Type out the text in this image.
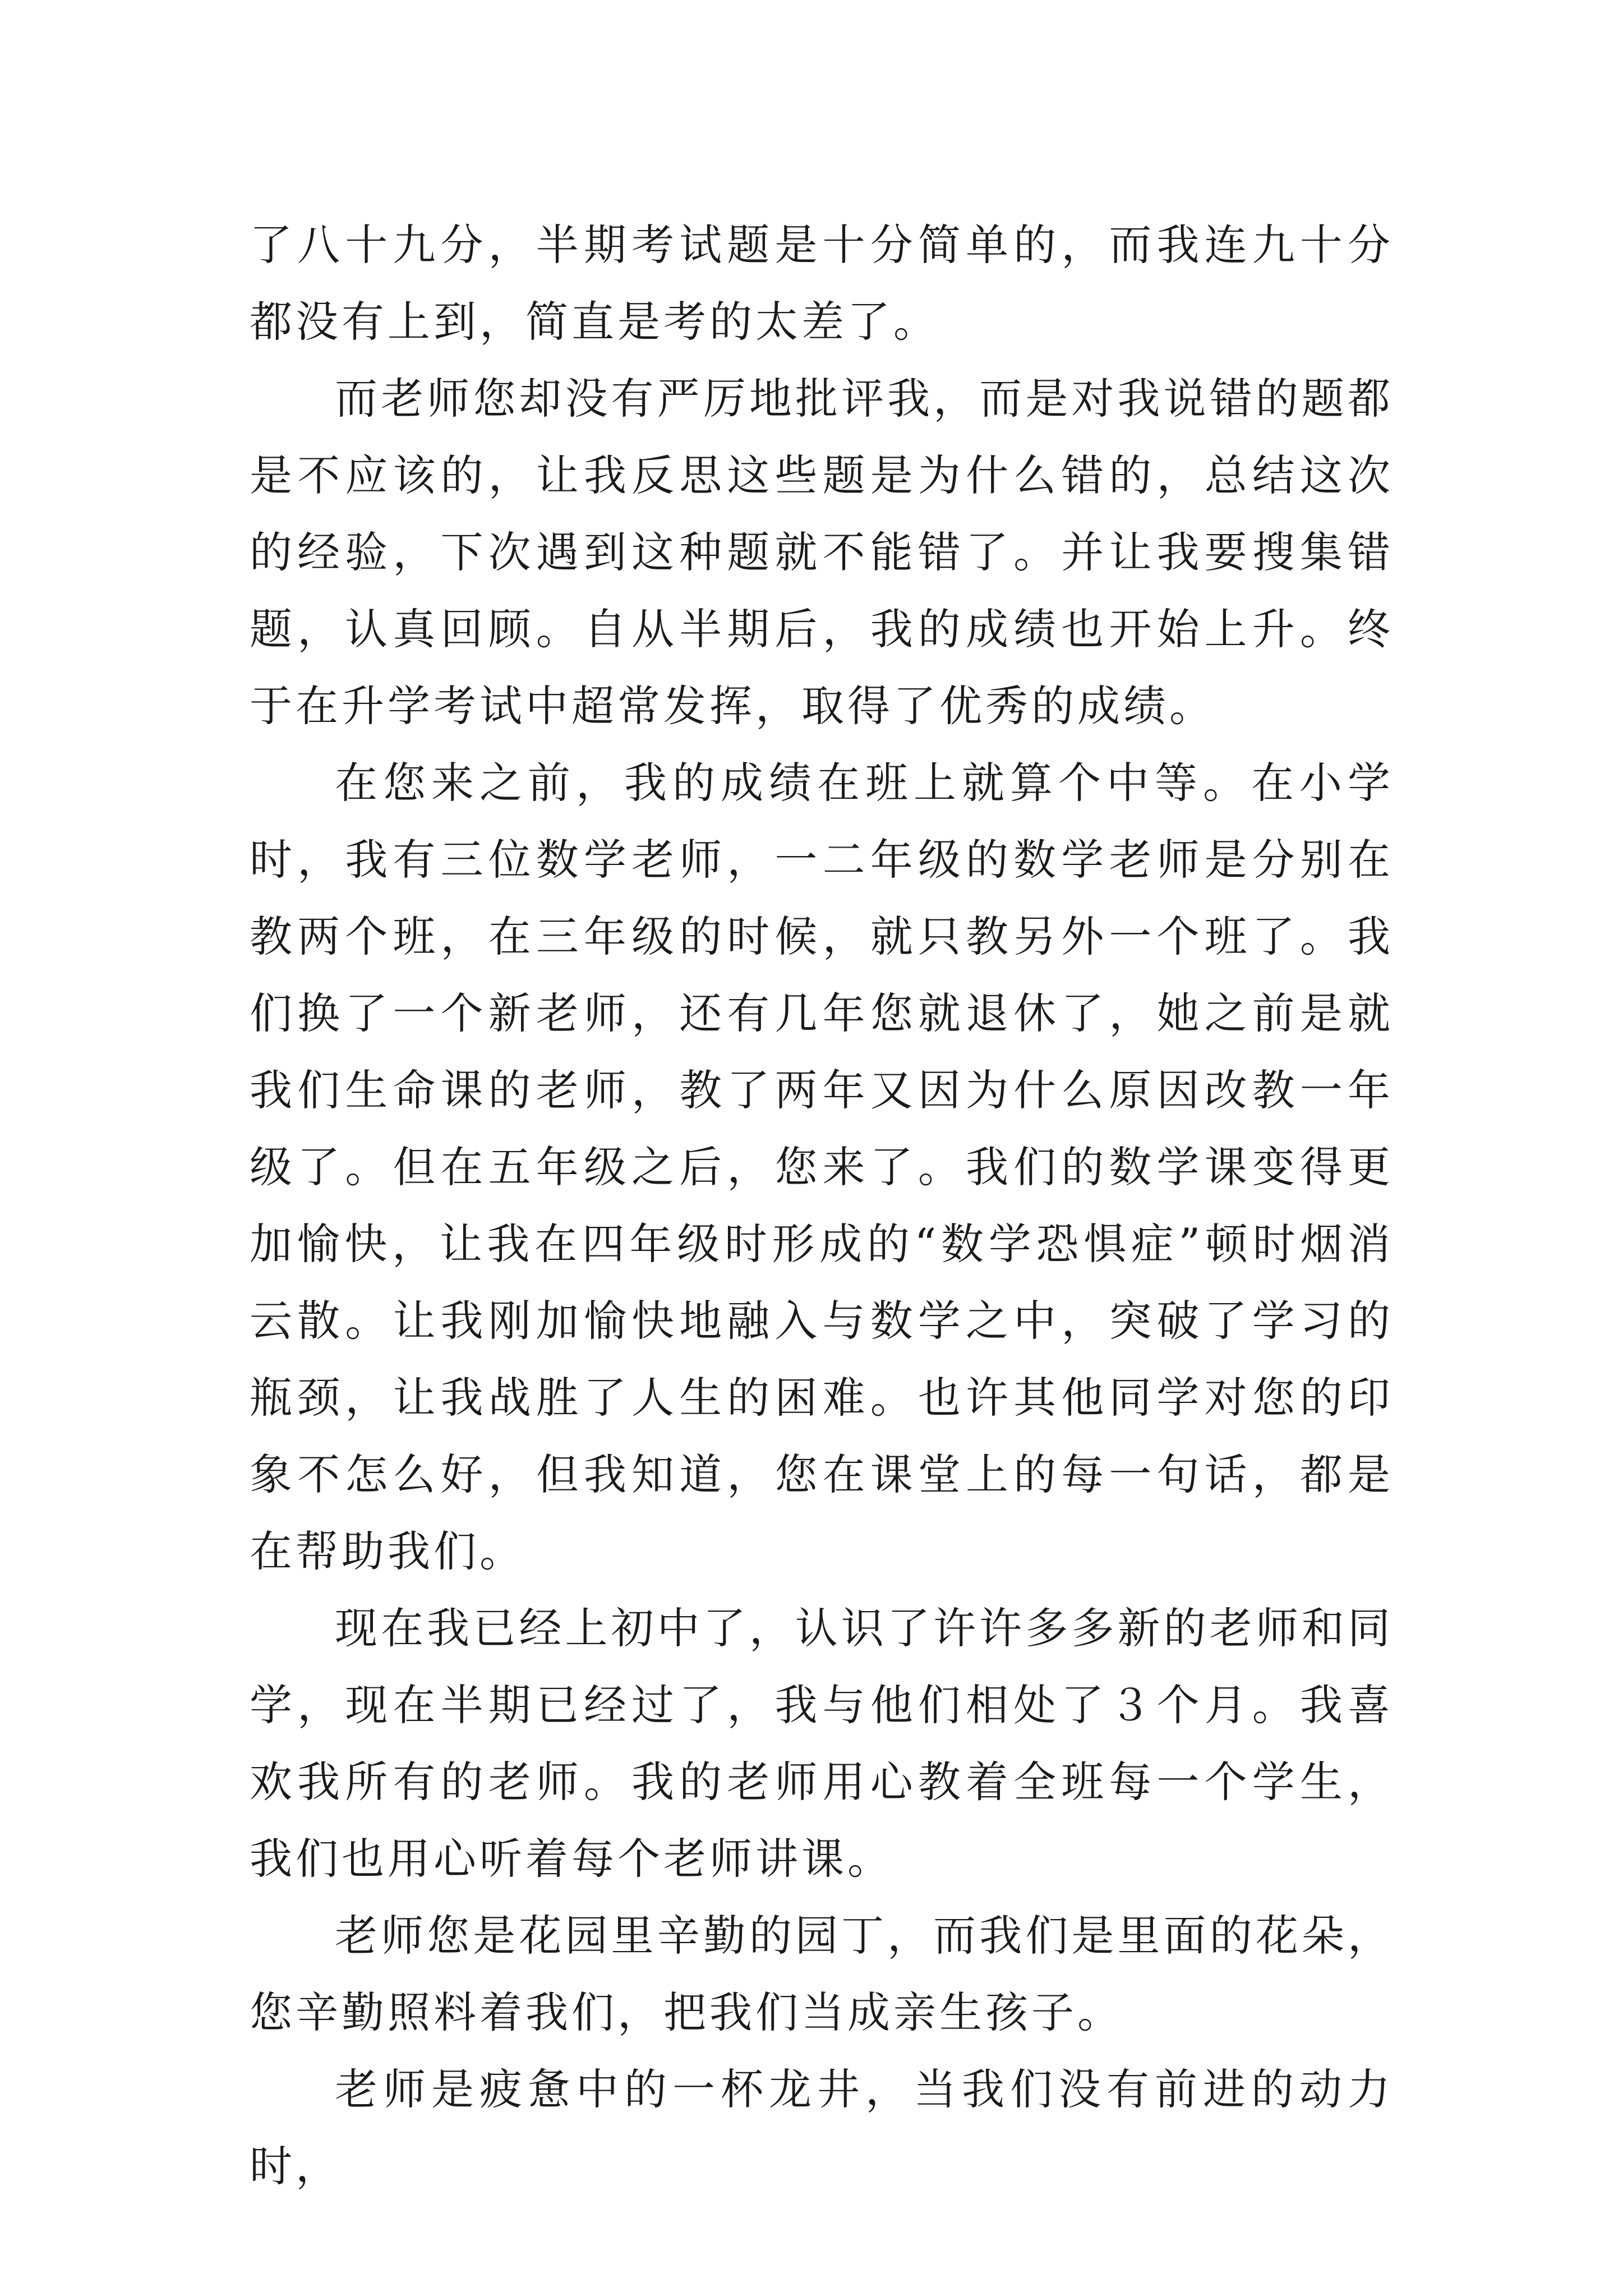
了八十九分，半期考试题是十分简单的，而我连九十分都没有上到，简直是考的太差了。

而老师您却没有严厉地批评我，而是对我说错的题都是不应该的，让我反思这些题是为什么错的，总结这次的经验，下次遇到这种题就不能错了。并让我要搜集错题，认真回顾。自从半期后，我的成绩也开始上升。终于在升学考试中超常发挥，取得了优秀的成绩。

在您来之前，我的成绩在班上就算个中等。在小学时，我有三位数学老师，一二年级的数学老师是分别在教两个班，在三年级的时候，就只教另外一个班了。我们换了一个新老师，还有几年您就退休了，她之前是就我们生命课的老师，教了两年又因为什么原因改教一年级了。但在五年级之后，您来了。我们的数学课变得更加愉快，让我在四年级时形成的“数学恐惧症”顿时烟消云散。让我刚加愉快地融入与数学之中，突破了学习的瓶颈，让我战胜了人生的困难。也许其他同学对您的印象不怎么好，但我知道，您在课堂上的每一句话，都是在帮助我们。

现在我已经上初中了，认识了许许多多新的老师和同学，现在半期已经过了，我与他们相处了３个月。我喜欢我所有的老师。我的老师用心教着全班每一个学生，我们也用心听着每个老师讲课。

老师您是花园里辛勤的园丁，而我们是里面的花朵，您辛勤照料着我们，把我们当成亲生孩子。

老师是疲惫中的一杯龙井，当我们没有前进的动力时，
